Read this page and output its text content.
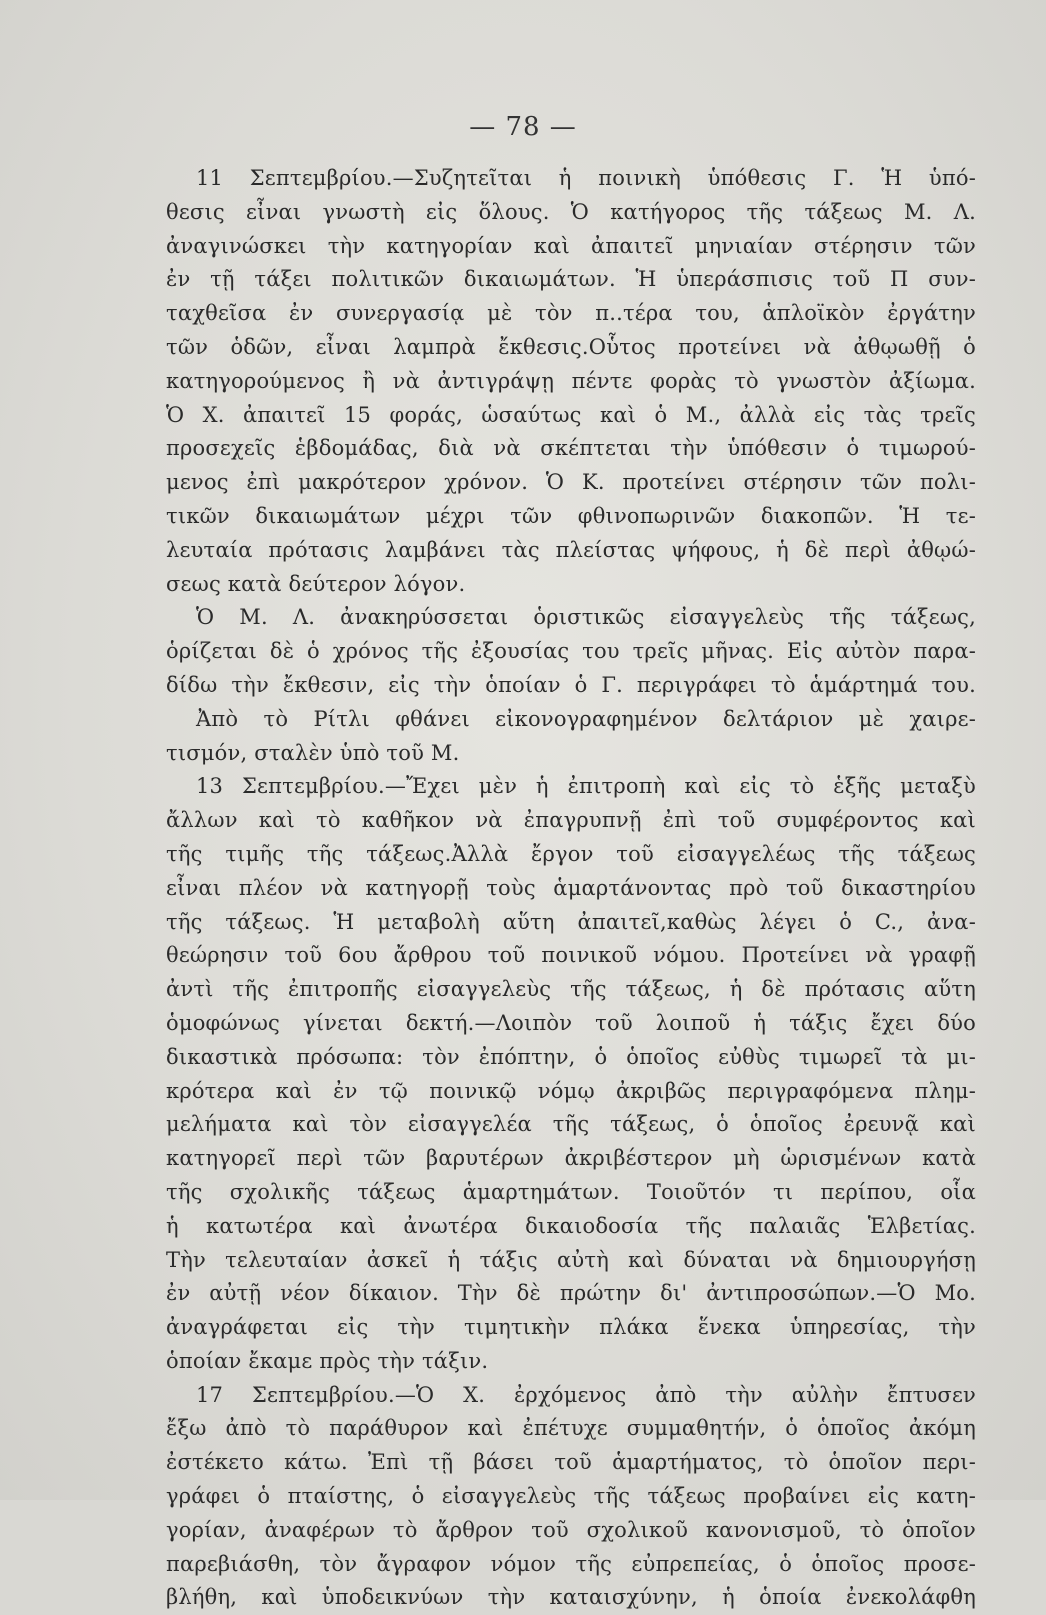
— 78 —
11 Σεπτεμβρίου.—Συζητεῖται ἡ ποινικὴ ὑπόθεσις Γ. Ἡ ὑπό-
θεσις εἶναι γνωστὴ εἰς ὅλους. Ὁ κατήγορος τῆς τάξεως Μ. Λ.
ἀναγινώσκει τὴν κατηγορίαν καὶ ἀπαιτεῖ μηνιαίαν στέρησιν τῶν
ἐν τῇ τάξει πολιτικῶν δικαιωμάτων. Ἡ ὑπεράσπισις τοῦ Π συν-
ταχθεῖσα ἐν συνεργασίᾳ μὲ τὸν π..τέρα του, ἁπλοϊκὸν ἐργάτην
τῶν ὁδῶν, εἶναι λαμπρὰ ἔκθεσις.Οὗτος προτείνει νὰ ἀθῳωθῇ ὁ
κατηγορούμενος ἢ νὰ ἀντιγράψῃ πέντε φορὰς τὸ γνωστὸν ἀξίωμα.
Ὁ Χ. ἀπαιτεῖ 15 φοράς, ὡσαύτως καὶ ὁ Μ., ἀλλὰ εἰς τὰς τρεῖς
προσεχεῖς ἑβδομάδας, διὰ νὰ σκέπτεται τὴν ὑπόθεσιν ὁ τιμωρού-
μενος ἐπὶ μακρότερον χρόνον. Ὁ Κ. προτείνει στέρησιν τῶν πολι-
τικῶν δικαιωμάτων μέχρι τῶν φθινοπωρινῶν διακοπῶν. Ἡ τε-
λευταία πρότασις λαμβάνει τὰς πλείστας ψήφους, ἡ δὲ περὶ ἀθῳώ-
σεως κατὰ δεύτερον λόγον.
Ὁ Μ. Λ. ἀνακηρύσσεται ὁριστικῶς εἰσαγγελεὺς τῆς τάξεως,
ὁρίζεται δὲ ὁ χρόνος τῆς ἐξουσίας του τρεῖς μῆνας. Εἰς αὐτὸν παρα-
δίδω τὴν ἔκθεσιν, εἰς τὴν ὁποίαν ὁ Γ. περιγράφει τὸ ἁμάρτημά του.
Ἀπὸ τὸ Ρίτλι φθάνει εἰκονογραφημένον δελτάριον μὲ χαιρε-
τισμόν, σταλὲν ὑπὸ τοῦ Μ.
13 Σεπτεμβρίου.—Ἔχει μὲν ἡ ἐπιτροπὴ καὶ εἰς τὸ ἑξῆς μεταξὺ
ἄλλων καὶ τὸ καθῆκον νὰ ἐπαγρυπνῇ ἐπὶ τοῦ συμφέροντος καὶ
τῆς τιμῆς τῆς τάξεως.Ἀλλὰ ἔργον τοῦ εἰσαγγελέως τῆς τάξεως
εἶναι πλέον νὰ κατηγορῇ τοὺς ἁμαρτάνοντας πρὸ τοῦ δικαστηρίου
τῆς τάξεως. Ἡ μεταβολὴ αὕτη ἀπαιτεῖ,καθὼς λέγει ὁ C., ἀνα-
θεώρησιν τοῦ 6ου ἄρθρου τοῦ ποινικοῦ νόμου. Προτείνει νὰ γραφῇ
ἀντὶ τῆς ἐπιτροπῆς εἰσαγγελεὺς τῆς τάξεως, ἡ δὲ πρότασις αὕτη
ὁμοφώνως γίνεται δεκτή.—Λοιπὸν τοῦ λοιποῦ ἡ τάξις ἔχει δύο
δικαστικὰ πρόσωπα: τὸν ἐπόπτην, ὁ ὁποῖος εὐθὺς τιμωρεῖ τὰ μι-
κρότερα καὶ ἐν τῷ ποινικῷ νόμῳ ἀκριβῶς περιγραφόμενα πλημ-
μελήματα καὶ τὸν εἰσαγγελέα τῆς τάξεως, ὁ ὁποῖος ἐρευνᾷ καὶ
κατηγορεῖ περὶ τῶν βαρυτέρων ἀκριβέστερον μὴ ὡρισμένων κατὰ
τῆς σχολικῆς τάξεως ἁμαρτημάτων. Τοιοῦτόν τι περίπου, οἷα
ἡ κατωτέρα καὶ ἀνωτέρα δικαιοδοσία τῆς παλαιᾶς Ἑλβετίας.
Τὴν τελευταίαν ἀσκεῖ ἡ τάξις αὐτὴ καὶ δύναται νὰ δημιουργήσῃ
ἐν αὐτῇ νέον δίκαιον. Τὴν δὲ πρώτην δι' ἀντιπροσώπων.—Ὁ Μο.
ἀναγράφεται εἰς τὴν τιμητικὴν πλάκα ἕνεκα ὑπηρεσίας, τὴν
ὁποίαν ἔκαμε πρὸς τὴν τάξιν.
17 Σεπτεμβρίου.—Ὁ Χ. ἐρχόμενος ἀπὸ τὴν αὐλὴν ἔπτυσεν
ἔξω ἀπὸ τὸ παράθυρον καὶ ἐπέτυχε συμμαθητήν, ὁ ὁποῖος ἀκόμη
ἐστέκετο κάτω. Ἐπὶ τῇ βάσει τοῦ ἁμαρτήματος, τὸ ὁποῖον περι-
γράφει ὁ πταίστης, ὁ εἰσαγγελεὺς τῆς τάξεως προβαίνει εἰς κατη-
γορίαν, ἀναφέρων τὸ ἄρθρον τοῦ σχολικοῦ κανονισμοῦ, τὸ ὁποῖον
παρεβιάσθη, τὸν ἄγραφον νόμον τῆς εὐπρεπείας, ὁ ὁποῖος προσε-
βλήθη, καὶ ὑποδεικνύων τὴν καταισχύνην, ἡ ὁποία ἐνεκολάφθη
